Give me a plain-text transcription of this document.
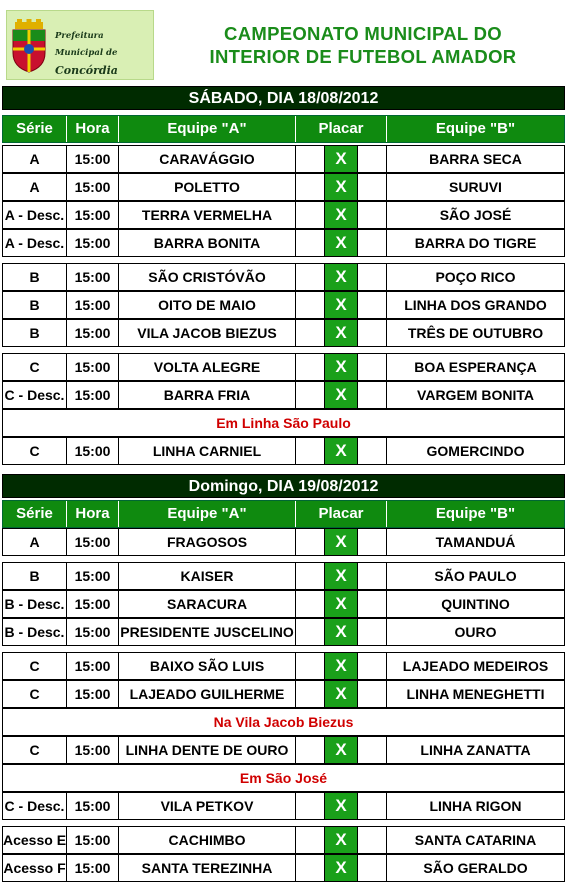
Prefeitura Municipal de
Concórdia
CAMPEONATO MUNICIPAL DO
INTERIOR DE FUTEBOL AMADOR
SÁBADO, DIA 18/08/2012
Série	Hora	Equipe "A"	Placar	Equipe "B"
A	15:00	CARAVÁGGIO	X	BARRA SECA
A	15:00	POLETTO	X	SURUVI
A - Desc. 15:00	TERRA VERMELHA	X	SÃO JOSÉ
A - Desc. 15:00	BARRA BONITA	X	BARRA DO TIGRE
B	15:00	SÃO CRISTÓVÃO	X	POÇO RICO
B	15:00	OITO DE MAIO	X	LINHA DOS GRANDO
B	15:00	VILA JACOB BIEZUS	X	TRÊS DE OUTUBRO
C	15:00	VOLTA ALEGRE	X	BOA ESPERANÇA
C - Desc. 15:00	BARRA FRIA	X	VARGEM BONITA
Em Linha São Paulo
C	15:00	LINHA CARNIEL	X	GOMERCINDO
Domingo, DIA 19/08/2012
Série	Hora	Equipe "A"	Placar	Equipe "B"
A	15:00	FRAGOSOS	X	TAMANDUÁ
B	15:00	KAISER	X	SÃO PAULO
B - Desc. 15:00	SARACURA	X	QUINTINO
B - Desc. 15:00 PRESIDENTE JUSCELINO	X	OURO
C	15:00	BAIXO SÃO LUIS	X	LAJEADO MEDEIROS
C	15:00	LAJEADO GUILHERME	X	LINHA MENEGHETTI
Na Vila Jacob Biezus
C	15:00	LINHA DENTE DE OURO	X	LINHA ZANATTA
Em São José
C - Desc. 15:00	VILA PETKOV	X	LINHA RIGON
Acesso E 15:00	CACHIMBO	X	SANTA CATARINA
Acesso F 15:00	SANTA TEREZINHA	X	SÃO GERALDO
